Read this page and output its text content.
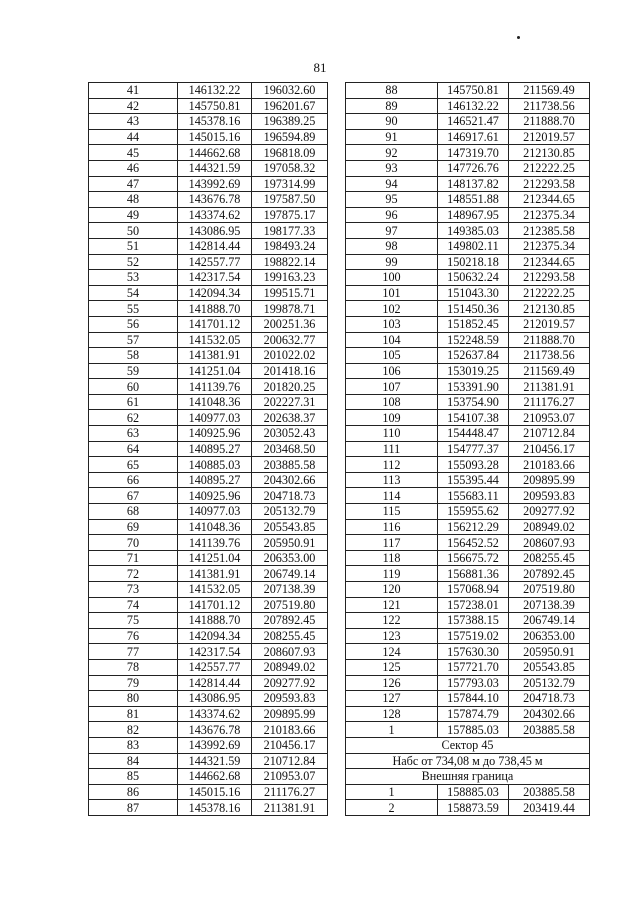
81
41	146132.22	196032.60
42	145750.81	196201.67
43	145378.16	196389.25
44	145015.16	196594.89
45	144662.68	196818.09
46	144321.59	197058.32
47	143992.69	197314.99
48	143676.78	197587.50
49	143374.62	197875.17
50	143086.95	198177.33
51	142814.44	198493.24
52	142557.77	198822.14
53	142317.54	199163.23
54	142094.34	199515.71
55	141888.70	199878.71
56	141701.12	200251.36
57	141532.05	200632.77
58	141381.91	201022.02
59	141251.04	201418.16
60	141139.76	201820.25
61	141048.36	202227.31
62	140977.03	202638.37
63	140925.96	203052.43
64	140895.27	203468.50
65	140885.03	203885.58
66	140895.27	204302.66
67	140925.96	204718.73
68	140977.03	205132.79
69	141048.36	205543.85
70	141139.76	205950.91
71	141251.04	206353.00
72	141381.91	206749.14
73	141532.05	207138.39
74	141701.12	207519.80
75	141888.70	207892.45
76	142094.34	208255.45
77	142317.54	208607.93
78	142557.77	208949.02
79	142814.44	209277.92
80	143086.95	209593.83
81	143374.62	209895.99
82	143676.78	210183.66
83	143992.69	210456.17
84	144321.59	210712.84
85	144662.68	210953.07
86	145015.16	211176.27
87	145378.16	211381.91
88	145750.81	211569.49
89	146132.22	211738.56
90	146521.47	211888.70
91	146917.61	212019.57
92	147319.70	212130.85
93	147726.76	212222.25
94	148137.82	212293.58
95	148551.88	212344.65
96	148967.95	212375.34
97	149385.03	212385.58
98	149802.11	212375.34
99	150218.18	212344.65
100	150632.24	212293.58
101	151043.30	212222.25
102	151450.36	212130.85
103	151852.45	212019.57
104	152248.59	211888.70
105	152637.84	211738.56
106	153019.25	211569.49
107	153391.90	211381.91
108	153754.90	211176.27
109	154107.38	210953.07
110	154448.47	210712.84
111	154777.37	210456.17
112	155093.28	210183.66
113	155395.44	209895.99
114	155683.11	209593.83
115	155955.62	209277.92
116	156212.29	208949.02
117	156452.52	208607.93
118	156675.72	208255.45
119	156881.36	207892.45
120	157068.94	207519.80
121	157238.01	207138.39
122	157388.15	206749.14
123	157519.02	206353.00
124	157630.30	205950.91
125	157721.70	205543.85
126	157793.03	205132.79
127	157844.10	204718.73
128	157874.79	204302.66
1	157885.03	203885.58
Сектор 45		
Набс от 734,08 м до 738,45 м		
Внешняя граница		
1	158885.03	203885.58
2	158873.59	203419.44
